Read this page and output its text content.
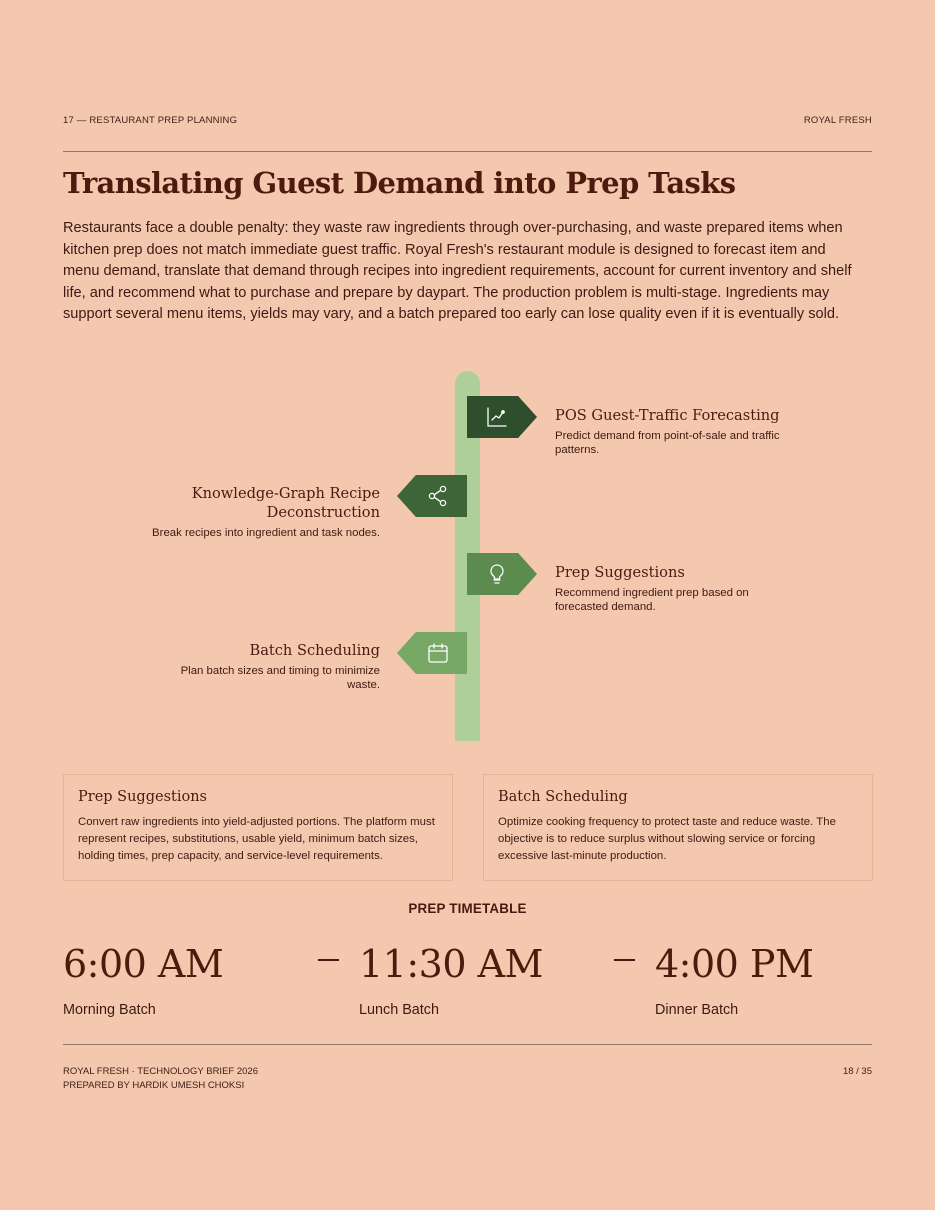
17 — RESTAURANT PREP PLANNING	ROYAL FRESH
Translating Guest Demand into Prep Tasks

Restaurants face a double penalty: they waste raw ingredients through over-purchasing, and waste prepared items when kitchen prep does not match immediate guest traffic. Royal Fresh's restaurant module is designed to forecast item and menu demand, translate that demand through recipes into ingredient requirements, account for current inventory and shelf life, and recommend what to purchase and prepare by daypart. The production problem is multi-stage. Ingredients may support several menu items, yields may vary, and a batch prepared too early can lose quality even if it is eventually sold.

POS Guest-Traffic Forecasting
Predict demand from point-of-sale and traffic patterns.
Knowledge-Graph Recipe Deconstruction
Break recipes into ingredient and task nodes.
Prep Suggestions
Recommend ingredient prep based on forecasted demand.
Batch Scheduling
Plan batch sizes and timing to minimize waste.
Prep Suggestions
Convert raw ingredients into yield-adjusted portions. The platform must represent recipes, substitutions, usable yield, minimum batch sizes, holding times, prep capacity, and service-level requirements.
Batch Scheduling
Optimize cooking frequency to protect taste and reduce waste. The objective is to reduce surplus without slowing service or forcing excessive last-minute production.
PREP TIMETABLE
6:00 AM
Morning Batch
11:30 AM
Lunch Batch
4:00 PM
Dinner Batch
ROYAL FRESH · TECHNOLOGY BRIEF 2026
PREPARED BY HARDIK UMESH CHOKSI
18 / 35
